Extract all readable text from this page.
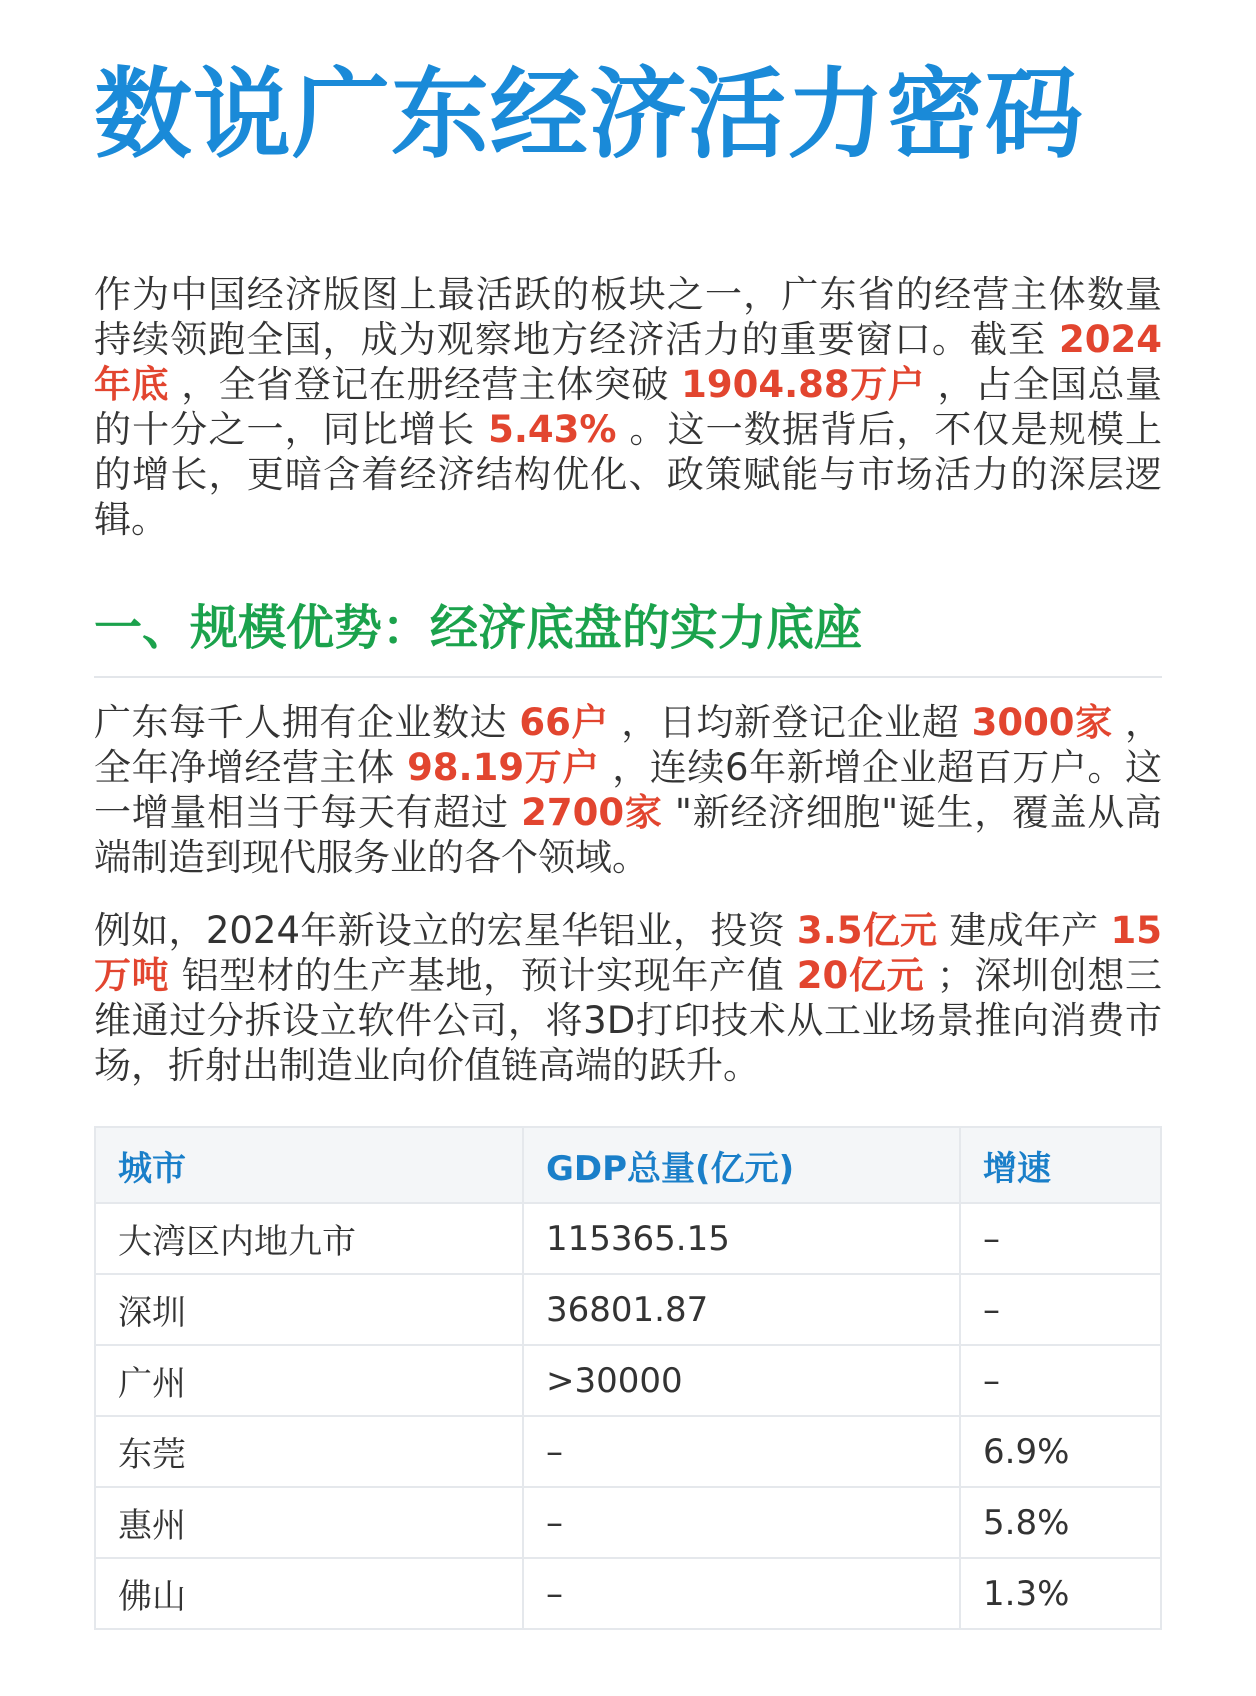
数说广东经济活力密码

作为中国经济版图上最活跃的板块之一，广东省的经营主体数量持续领跑全国，成为观察地方经济活力的重要窗口。截至 2024年底 ，全省登记在册经营主体突破 1904.88万户 ，占全国总量的十分之一，同比增长 5.43% 。这一数据背后，不仅是规模上的增长，更暗含着经济结构优化、政策赋能与市场活力的深层逻辑。

一、规模优势：经济底盘的实力底座

广东每千人拥有企业数达 66户 ，日均新登记企业超 3000家 ，全年净增经营主体 98.19万户 ，连续6年新增企业超百万户。这一增量相当于每天有超过 2700家 "新经济细胞"诞生，覆盖从高端制造到现代服务业的各个领域。

例如，2024年新设立的宏星华铝业，投资 3.5亿元 建成年产 15万吨 铝型材的生产基地，预计实现年产值 20亿元 ；深圳创想三维通过分拆设立软件公司，将3D打印技术从工业场景推向消费市场，折射出制造业向价值链高端的跃升。

城市	GDP总量(亿元)	增速
大湾区内地九市	115365.15	–
深圳	36801.87	–
广州	>30000	–
东莞	–	6.9%
惠州	–	5.8%
佛山	–	1.3%
